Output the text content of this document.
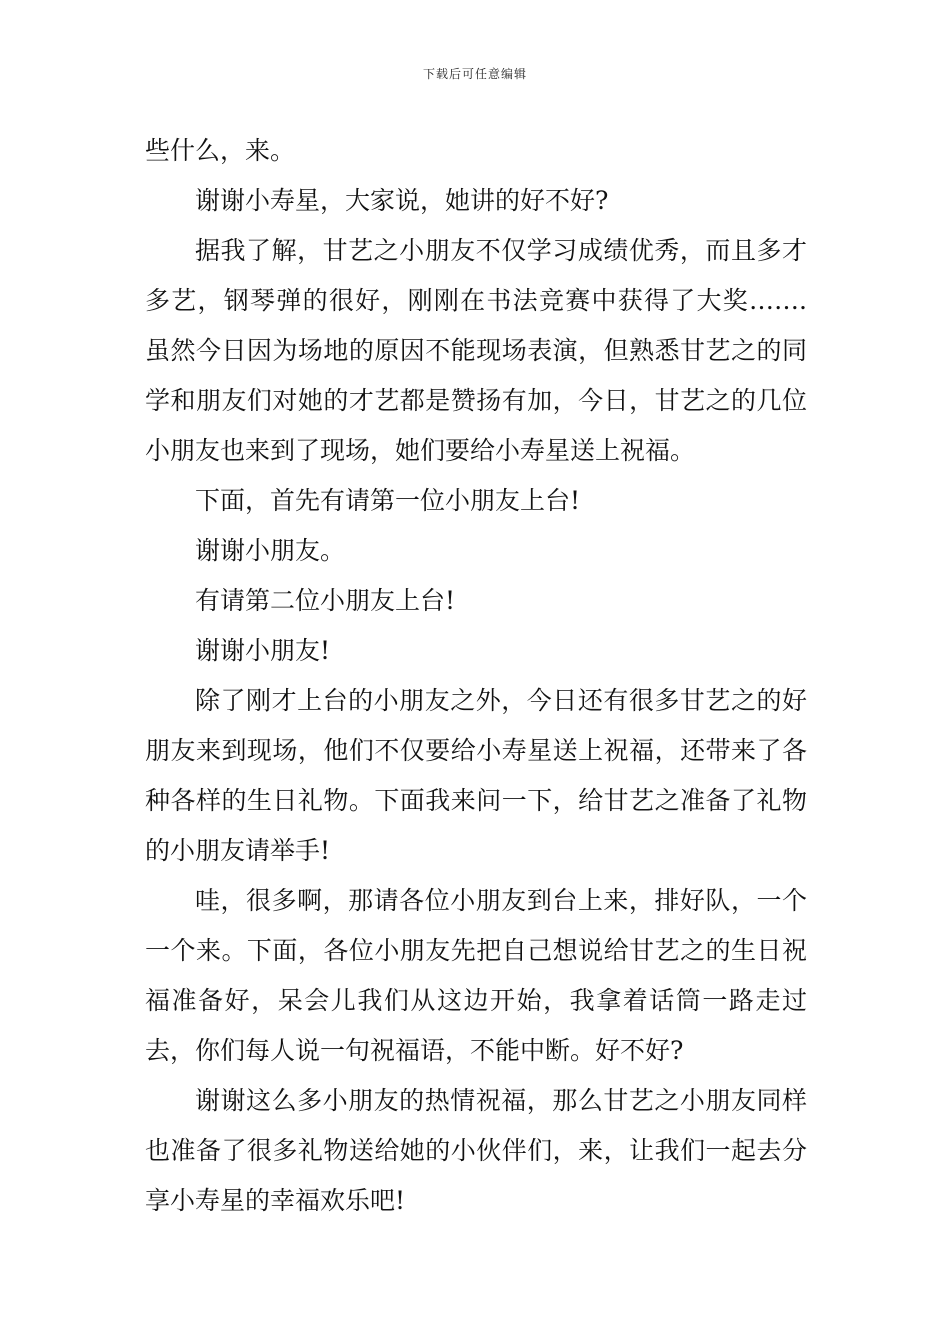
下载后可任意编辑

些什么，来。

谢谢小寿星，大家说，她讲的好不好?

据我了解，甘艺之小朋友不仅学习成绩优秀，而且多才多艺，钢琴弹的很好，刚刚在书法竞赛中获得了大奖……. 虽然今日因为场地的原因不能现场表演，但熟悉甘艺之的同学和朋友们对她的才艺都是赞扬有加，今日，甘艺之的几位小朋友也来到了现场，她们要给小寿星送上祝福。

下面，首先有请第一位小朋友上台!

谢谢小朋友。

有请第二位小朋友上台!

谢谢小朋友!

除了刚才上台的小朋友之外，今日还有很多甘艺之的好朋友来到现场，他们不仅要给小寿星送上祝福，还带来了各种各样的生日礼物。下面我来问一下，给甘艺之准备了礼物的小朋友请举手!

哇，很多啊，那请各位小朋友到台上来，排好队，一个一个来。下面，各位小朋友先把自己想说给甘艺之的生日祝福准备好，呆会儿我们从这边开始，我拿着话筒一路走过去，你们每人说一句祝福语，不能中断。好不好?

谢谢这么多小朋友的热情祝福，那么甘艺之小朋友同样也准备了很多礼物送给她的小伙伴们，来，让我们一起去分享小寿星的幸福欢乐吧!
